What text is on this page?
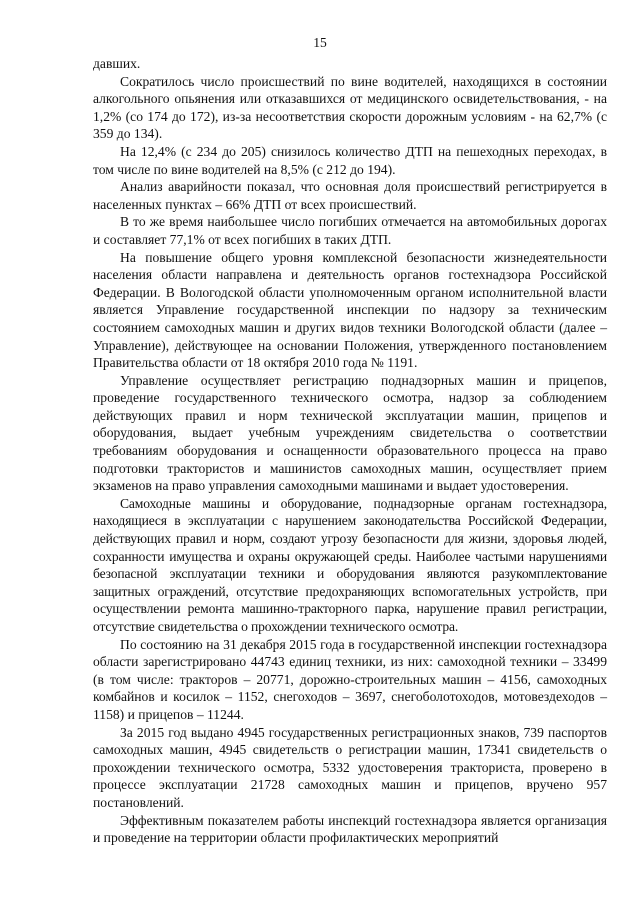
15

давших.

Сократилось число происшествий по вине водителей, находящихся в состоянии алкогольного опьянения или отказавшихся от медицинского освидетельствования, - на 1,2% (со 174 до 172), из-за несоответствия скорости дорожным условиям - на 62,7% (с 359 до 134).

На 12,4% (с 234 до 205) снизилось количество ДТП на пешеходных переходах, в том числе по вине водителей на 8,5% (с 212 до 194).

Анализ аварийности показал, что основная доля происшествий регистрируется в населенных пунктах – 66% ДТП от всех происшествий.

В то же время наибольшее число погибших отмечается на автомобильных дорогах и составляет 77,1% от всех погибших в таких ДТП.

На повышение общего уровня комплексной безопасности жизнедеятельности населения области направлена и деятельность органов гостехнадзора Российской Федерации. В Вологодской области уполномоченным органом исполнительной власти является Управление государственной инспекции по надзору за техническим состоянием самоходных машин и других видов техники Вологодской области (далее – Управление), действующее на основании Положения, утвержденного постановлением Правительства области от 18 октября 2010 года № 1191.

Управление осуществляет регистрацию поднадзорных машин и прицепов, проведение государственного технического осмотра, надзор за соблюдением действующих правил и норм технической эксплуатации машин, прицепов и оборудования, выдает учебным учреждениям свидетельства о соответствии требованиям оборудования и оснащенности образовательного процесса на право подготовки трактористов и машинистов самоходных машин, осуществляет прием экзаменов на право управления самоходными машинами и выдает удостоверения.

Самоходные машины и оборудование, поднадзорные органам гостехнадзора, находящиеся в эксплуатации с нарушением законодательства Российской Федерации, действующих правил и норм, создают угрозу безопасности для жизни, здоровья людей, сохранности имущества и охраны окружающей среды. Наиболее частыми нарушениями безопасной эксплуатации техники и оборудования являются разукомплектование защитных ограждений, отсутствие предохраняющих вспомогательных устройств, при осуществлении ремонта машинно-тракторного парка, нарушение правил регистрации, отсутствие свидетельства о прохождении технического осмотра.

По состоянию на 31 декабря 2015 года в государственной инспекции гостехнадзора области зарегистрировано 44743 единиц техники, из них: самоходной техники – 33499 (в том числе: тракторов – 20771, дорожно-строительных машин – 4156, самоходных комбайнов и косилок – 1152, снегоходов – 3697, снегоболотоходов, мотовездеходов – 1158) и прицепов – 11244.

За 2015 год выдано 4945 государственных регистрационных знаков, 739 паспортов самоходных машин, 4945 свидетельств о регистрации машин, 17341 свидетельств о прохождении технического осмотра, 5332 удостоверения тракториста, проверено в процессе эксплуатации 21728 самоходных машин и прицепов, вручено 957 постановлений.

Эффективным показателем работы инспекций гостехнадзора является организация и проведение на территории области профилактических мероприятий
